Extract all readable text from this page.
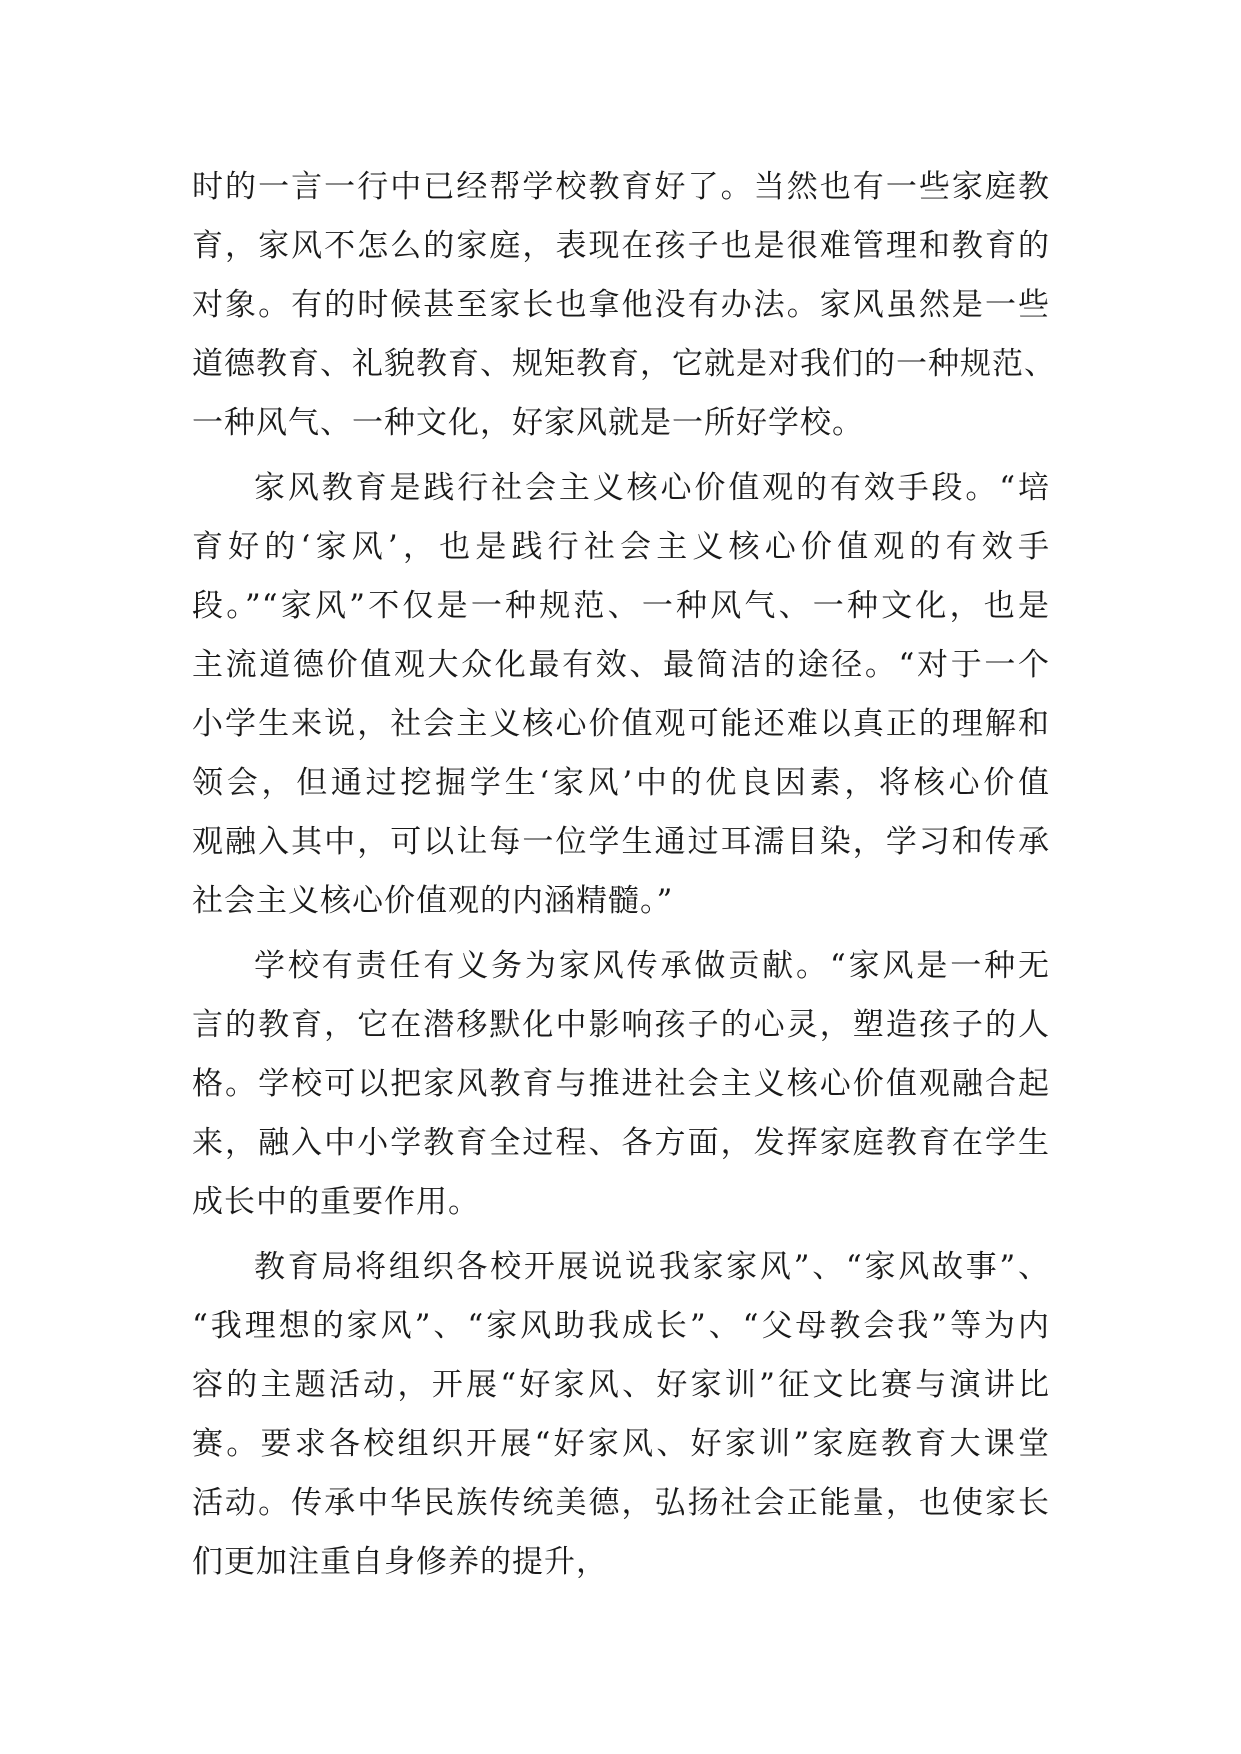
时的一言一行中已经帮学校教育好了。当然也有一些家庭教
育，家风不怎么的家庭，表现在孩子也是很难管理和教育的
对象。有的时候甚至家长也拿他没有办法。家风虽然是一些
道德教育、礼貌教育、规矩教育，它就是对我们的一种规范、
一种风气、一种文化，好家风就是一所好学校。
家风教育是践行社会主义核心价值观的有效手段。“培
育好的‘家风’，也是践行社会主义核心价值观的有效手
段。”“家风”不仅是一种规范、一种风气、一种文化，也是
主流道德价值观大众化最有效、最简洁的途径。“对于一个
小学生来说，社会主义核心价值观可能还难以真正的理解和
领会，但通过挖掘学生‘家风’中的优良因素，将核心价值
观融入其中，可以让每一位学生通过耳濡目染，学习和传承
社会主义核心价值观的内涵精髓。”
学校有责任有义务为家风传承做贡献。“家风是一种无
言的教育，它在潜移默化中影响孩子的心灵，塑造孩子的人
格。学校可以把家风教育与推进社会主义核心价值观融合起
来，融入中小学教育全过程、各方面，发挥家庭教育在学生
成长中的重要作用。
教育局将组织各校开展说说我家家风”、“家风故事”、
“我理想的家风”、“家风助我成长”、“父母教会我”等为内
容的主题活动，开展“好家风、好家训”征文比赛与演讲比
赛。要求各校组织开展“好家风、好家训”家庭教育大课堂
活动。传承中华民族传统美德，弘扬社会正能量，也使家长
们更加注重自身修养的提升，
